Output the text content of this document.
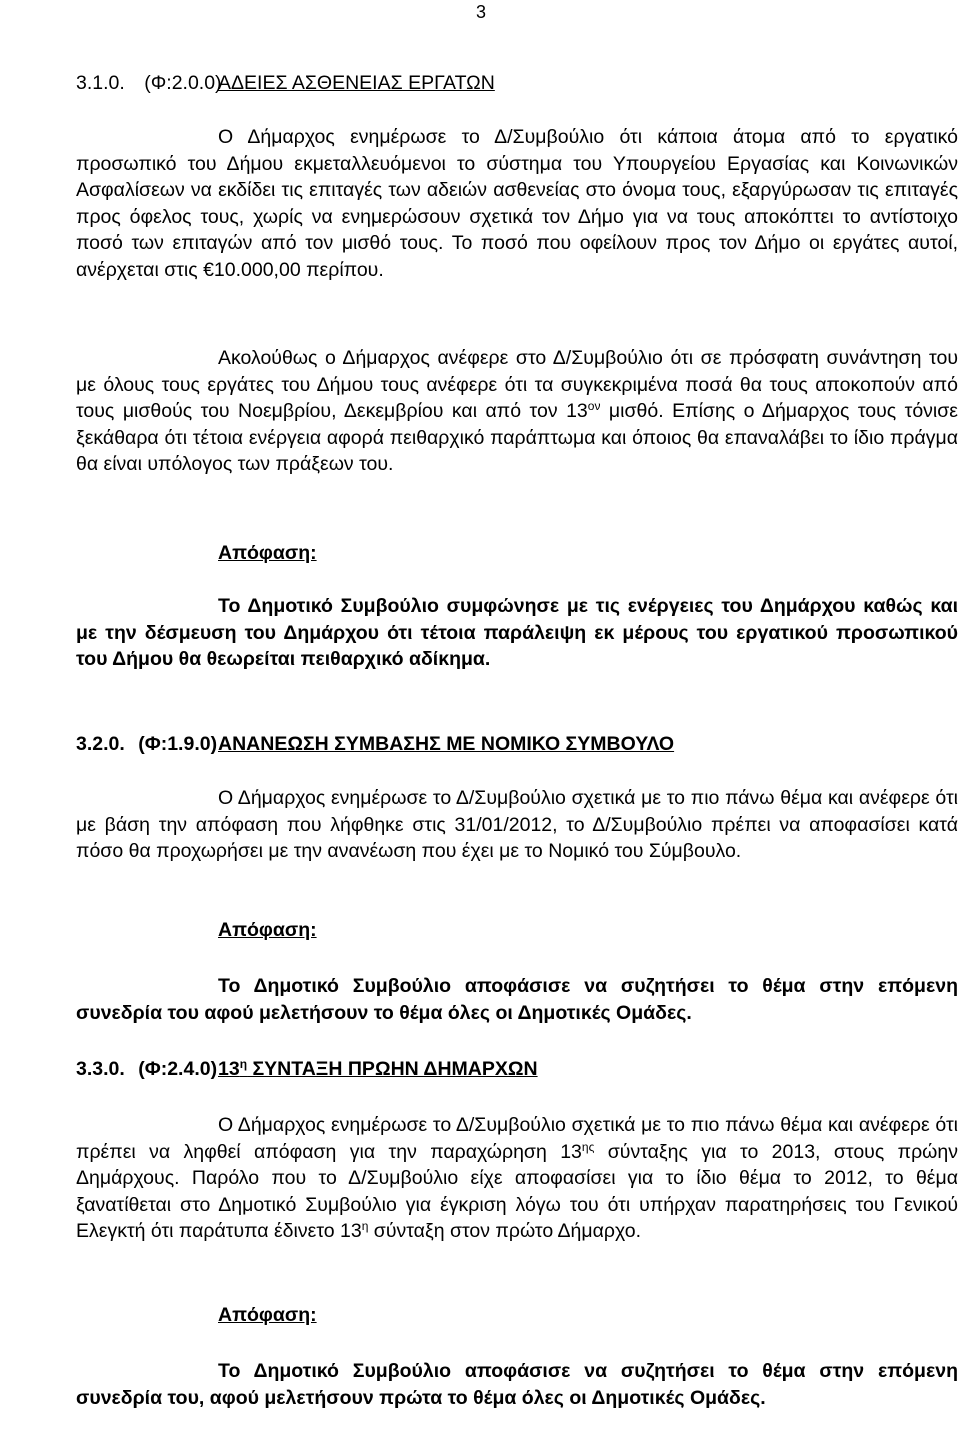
3
3.1.0. (Φ:2.0.0)
ΑΔΕΙΕΣ ΑΣΘΕΝΕΙΑΣ ΕΡΓΑΤΩΝ
Ο Δήμαρχος ενημέρωσε το Δ/Συμβούλιο ότι κάποια άτομα από το εργατικό προσωπικό του Δήμου εκμεταλλευόμενοι το σύστημα του Υπουργείου Εργασίας και Κοινωνικών Ασφαλίσεων να εκδίδει τις επιταγές των αδειών ασθενείας στο όνομα τους, εξαργύρωσαν τις επιταγές προς όφελος τους, χωρίς να ενημερώσουν σχετικά τον Δήμο για να τους αποκόπτει το αντίστοιχο ποσό των επιταγών από τον μισθό τους. Το ποσό που οφείλουν προς τον Δήμο οι εργάτες αυτοί, ανέρχεται στις €10.000,00 περίπου.
Ακολούθως ο Δήμαρχος ανέφερε στο Δ/Συμβούλιο ότι σε πρόσφατη συνάντηση του με όλους τους εργάτες του Δήμου τους ανέφερε ότι τα συγκεκριμένα ποσά θα τους αποκοπούν από τους μισθούς του Νοεμβρίου, Δεκεμβρίου και από τον $13^{o\nu}$ μισθό. Επίσης ο Δήμαρχος τους τόνισε ξεκάθαρα ότι τέτοια ενέργεια αφορά πειθαρχικό παράπτωμα και όποιος θα επαναλάβει το ίδιο πράγμα θα είναι υπόλογος των πράξεων του.
Απόφαση:
Το Δημοτικό Συμβούλιο συμφώνησε με τις ενέργειες του Δημάρχου καθώς και με την δέσμευση του Δημάρχου ότι τέτοια παράλειψη εκ μέρους του εργατικού προσωπικού του Δήμου θα θεωρείται πειθαρχικό αδίκημα.
3.2.0. (Φ:1.9.0) ΑΝΑΝΕΩΣΗ ΣΥΜΒΑΣΗΣ ΜΕ ΝΟΜΙΚΟ ΣΥΜΒΟΥΛΟ
Ο Δήμαρχος ενημέρωσε το Δ/Συμβούλιο σχετικά με το πιο πάνω θέμα και ανέφερε ότι με βάση την απόφαση που λήφθηκε στις 31/01/2012, το Δ/Συμβούλιο πρέπει να αποφασίσει κατά πόσο θα προχωρήσει με την ανανέωση που έχει με το Νομικό του Σύμβουλο.
Απόφαση:
Το Δημοτικό Συμβούλιο αποφάσισε να συζητήσει το θέμα στην επόμενη συνεδρία του αφού μελετήσουν το θέμα όλες οι Δημοτικές Ομάδες.
3.3.0. (Φ:2.4.0) $13^\eta$ ΣΥΝΤΑΞΗ ΠΡΩΗΝ ΔΗΜΑΡΧΩΝ
Ο Δήμαρχος ενημέρωσε το Δ/Συμβούλιο σχετικά με το πιο πάνω θέμα και ανέφερε ότι πρέπει να ληφθεί απόφαση για την παραχώρηση $13^{\eta\varsigma}$ σύνταξης για το 2013, στους πρώην Δημάρχους. Παρόλο που το Δ/Συμβούλιο είχε αποφασίσει για το ίδιο θέμα το 2012, το θέμα ξανατίθεται στο Δημοτικό Συμβούλιο για έγκριση λόγω του ότι υπήρχαν παρατηρήσεις του Γενικού Ελεγκτή ότι παράτυπα έδινετο $13^\eta$ σύνταξη στον πρώτο Δήμαρχο.
Απόφαση:
Το Δημοτικό Συμβούλιο αποφάσισε να συζητήσει το θέμα στην επόμενη συνεδρία του, αφού μελετήσουν πρώτα το θέμα όλες οι Δημοτικές Ομάδες.
